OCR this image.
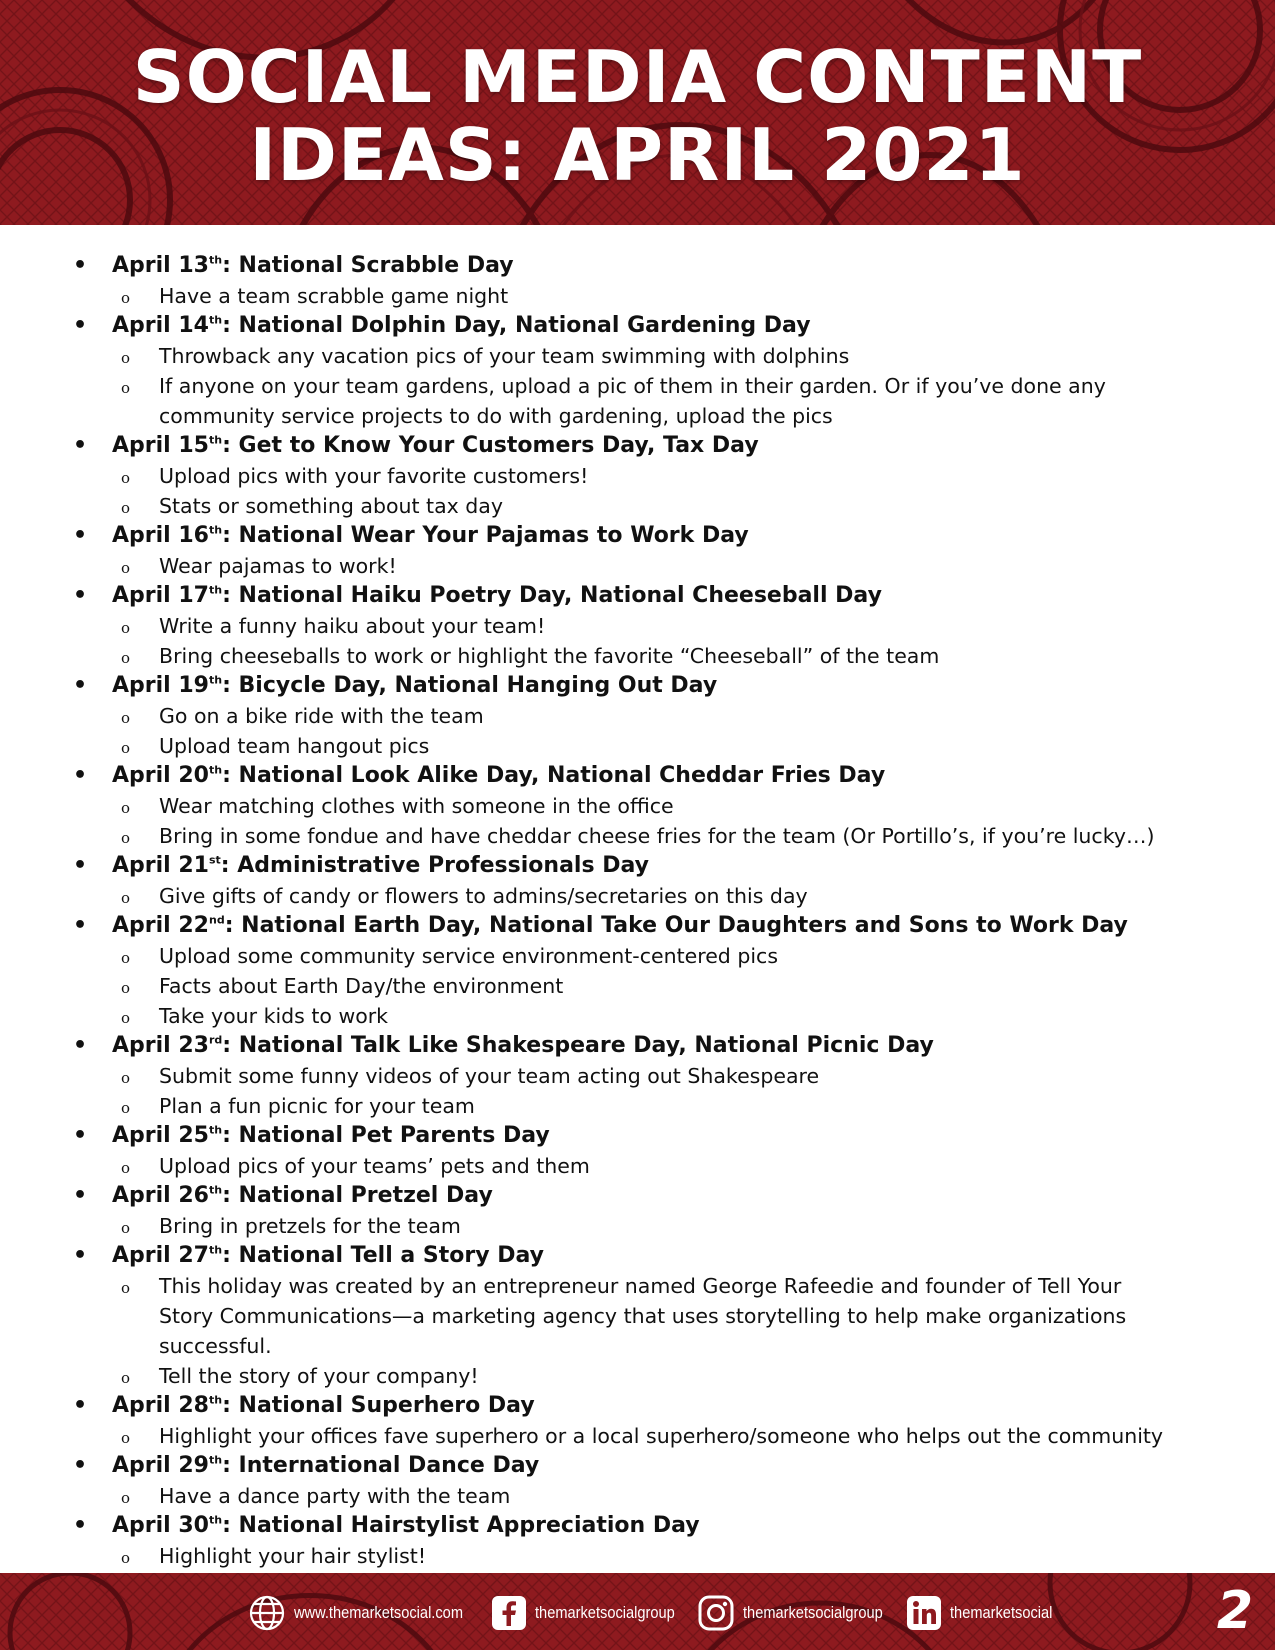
SOCIAL MEDIA CONTENT
IDEAS: APRIL 2021
• April 13th: National Scrabble Day
o Have a team scrabble game night
• April 14th: National Dolphin Day, National Gardening Day
o Throwback any vacation pics of your team swimming with dolphins
o If anyone on your team gardens, upload a pic of them in their garden. Or if you’ve done any community service projects to do with gardening, upload the pics
• April 15th: Get to Know Your Customers Day, Tax Day
o Upload pics with your favorite customers!
o Stats or something about tax day
• April 16th: National Wear Your Pajamas to Work Day
o Wear pajamas to work!
• April 17th: National Haiku Poetry Day, National Cheeseball Day
o Write a funny haiku about your team!
o Bring cheeseballs to work or highlight the favorite “Cheeseball” of the team
• April 19th: Bicycle Day, National Hanging Out Day
o Go on a bike ride with the team
o Upload team hangout pics
• April 20th: National Look Alike Day, National Cheddar Fries Day
o Wear matching clothes with someone in the office
o Bring in some fondue and have cheddar cheese fries for the team (Or Portillo’s, if you’re lucky…)
• April 21st: Administrative Professionals Day
o Give gifts of candy or flowers to admins/secretaries on this day
• April 22nd: National Earth Day, National Take Our Daughters and Sons to Work Day
o Upload some community service environment-centered pics
o Facts about Earth Day/the environment
o Take your kids to work
• April 23rd: National Talk Like Shakespeare Day, National Picnic Day
o Submit some funny videos of your team acting out Shakespeare
o Plan a fun picnic for your team
• April 25th: National Pet Parents Day
o Upload pics of your teams’ pets and them
• April 26th: National Pretzel Day
o Bring in pretzels for the team
• April 27th: National Tell a Story Day
o This holiday was created by an entrepreneur named George Rafeedie and founder of Tell Your Story Communications—a marketing agency that uses storytelling to help make organizations successful.
o Tell the story of your company!
• April 28th: National Superhero Day
o Highlight your offices fave superhero or a local superhero/someone who helps out the community
• April 29th: International Dance Day
o Have a dance party with the team
• April 30th: National Hairstylist Appreciation Day
o Highlight your hair stylist!
www.themarketsocial.com	themarketsocialgroup	themarketsocialgroup	themarketsocial	2
